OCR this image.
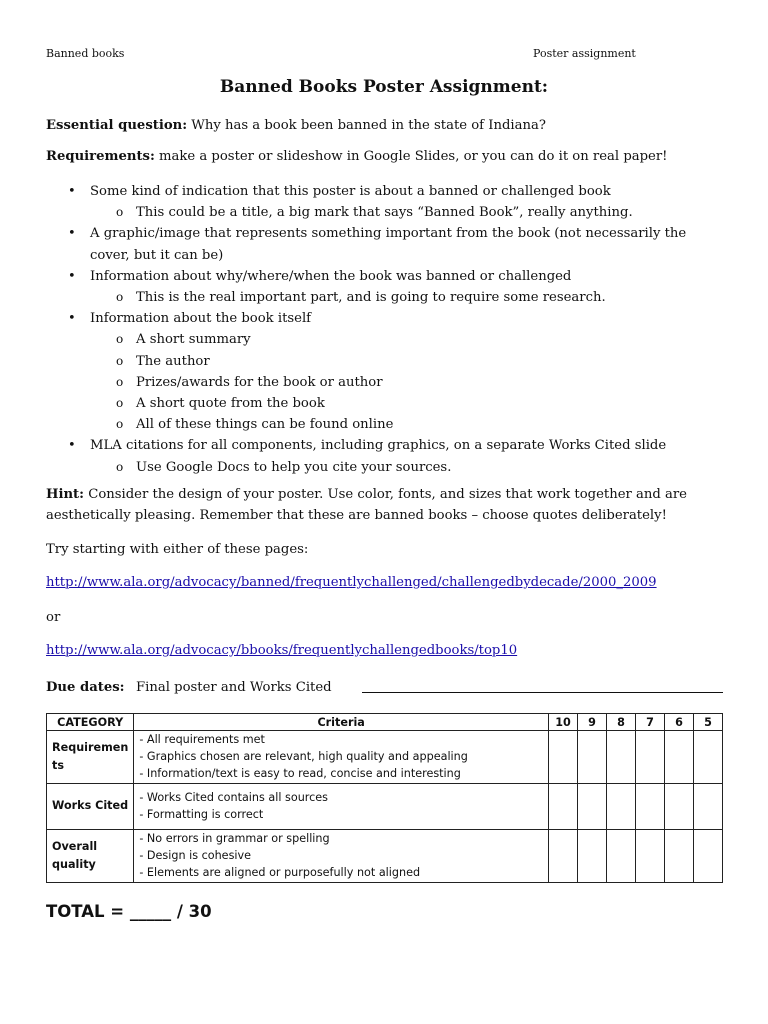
Banned books	Poster assignment
Banned Books Poster Assignment:
Essential question: Why has a book been banned in the state of Indiana?
Requirements: make a poster or slideshow in Google Slides, or you can do it on real paper!
• Some kind of indication that this poster is about a banned or challenged book
o This could be a title, a big mark that says “Banned Book”, really anything.
• A graphic/image that represents something important from the book (not necessarily the cover, but it can be)
• Information about why/where/when the book was banned or challenged
o This is the real important part, and is going to require some research.
• Information about the book itself
o A short summary
o The author
o Prizes/awards for the book or author
o A short quote from the book
o All of these things can be found online
• MLA citations for all components, including graphics, on a separate Works Cited slide
o Use Google Docs to help you cite your sources.
Hint: Consider the design of your poster. Use color, fonts, and sizes that work together and are aesthetically pleasing. Remember that these are banned books – choose quotes deliberately!
Try starting with either of these pages:
http://www.ala.org/advocacy/banned/frequentlychallenged/challengedbydecade/2000_2009
or
http://www.ala.org/advocacy/bbooks/frequentlychallengedbooks/top10
Due dates: Final poster and Works Cited
CATEGORY	Criteria	10	9	8	7	6	5
Requiremen ts	- All requirements met
- Graphics chosen are relevant, high quality and appealing
- Information/text is easy to read, concise and interesting						

Works Cited	- Works Cited contains all sources
- Formatting is correct						

Overall quality	- No errors in grammar or spelling
- Design is cohesive
- Elements are aligned or purposefully not aligned						

TOTAL = _____ / 30
